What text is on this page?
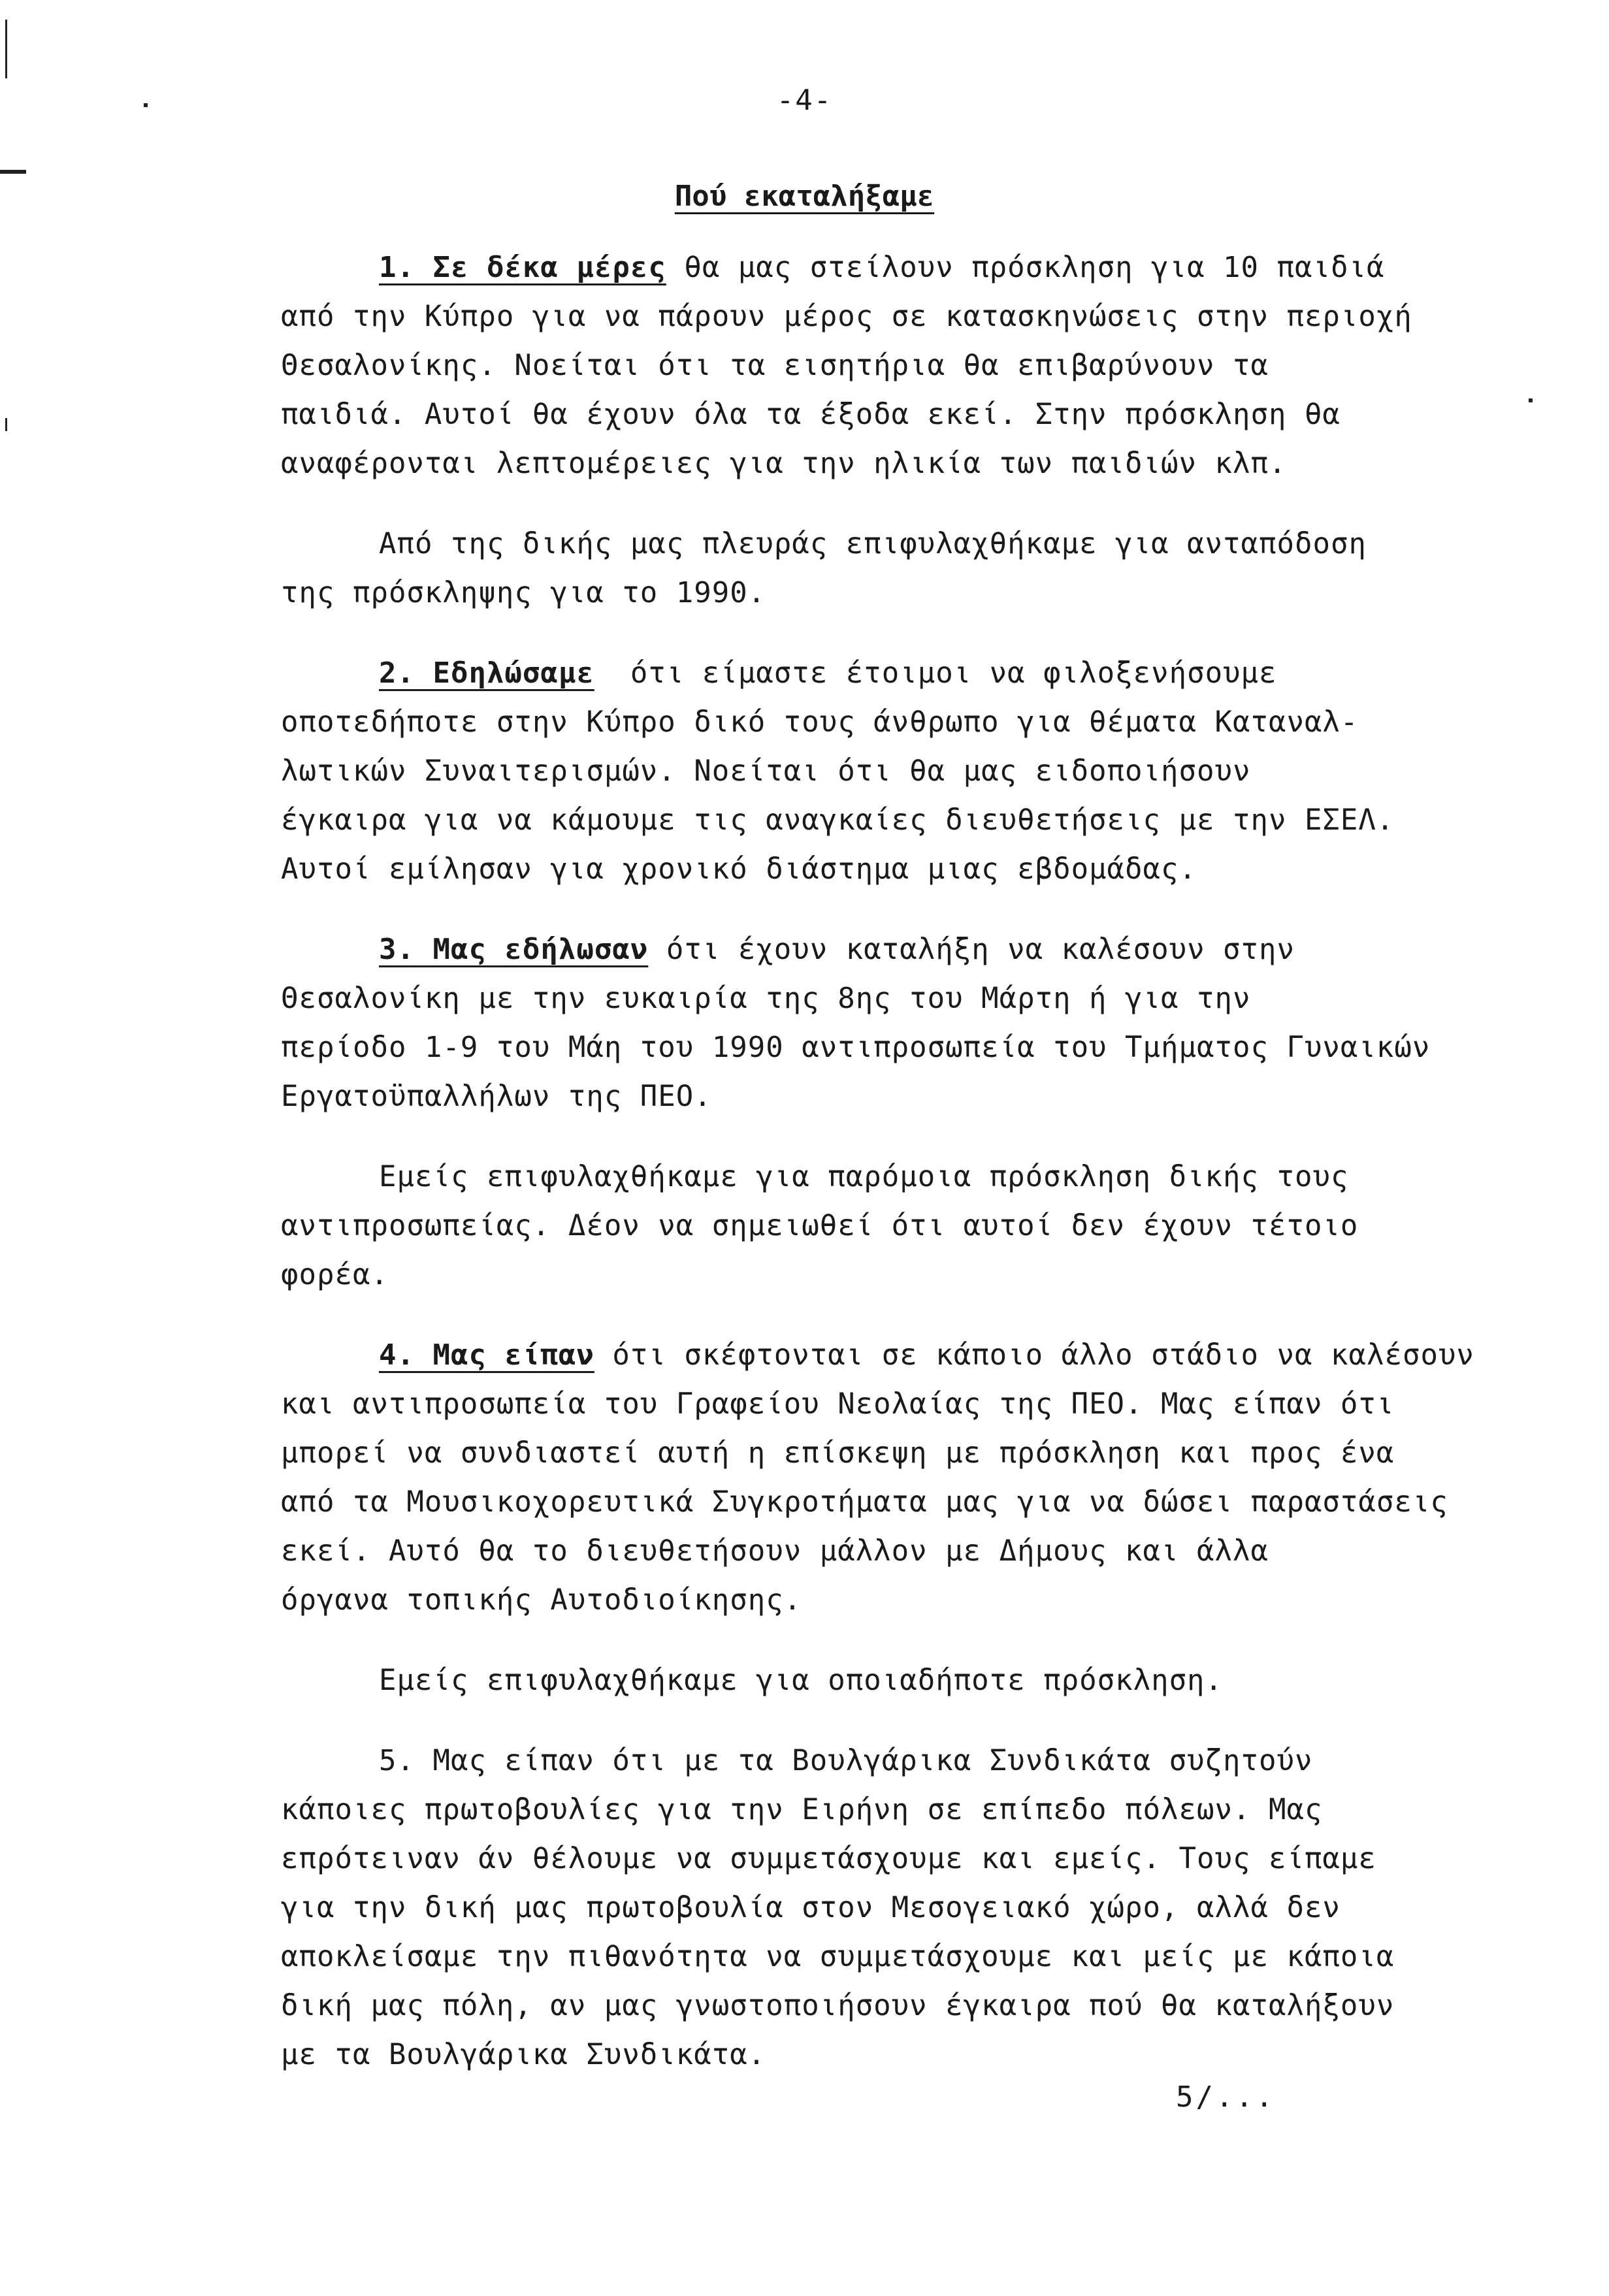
-4-
Πού εκαταλήξαμε

1. Σε δέκα μέρες θα μας στείλουν πρόσκληση για 10 παιδιά
από την Κύπρο για να πάρουν μέρος σε κατασκηνώσεις στην περιοχή
Θεσαλονίκης. Νοείται ότι τα εισητήρια θα επιβαρύνουν τα
παιδιά. Αυτοί θα έχουν όλα τα έξοδα εκεί. Στην πρόσκληση θα
αναφέρονται λεπτομέρειες για την ηλικία των παιδιών κλπ.

Από της δικής μας πλευράς επιφυλαχθήκαμε για ανταπόδοση
της πρόσκληψης για το 1990.

2. Εδηλώσαμε ότι είμαστε έτοιμοι να φιλοξενήσουμε
οποτεδήποτε στην Κύπρο δικό τους άνθρωπο για θέματα Καταναλ-
λωτικών Συναιτερισμών. Νοείται ότι θα μας ειδοποιήσουν
έγκαιρα για να κάμουμε τις αναγκαίες διευθετήσεις με την ΕΣΕΛ.
Αυτοί εμίλησαν για χρονικό διάστημα μιας εβδομάδας.

3. Μας εδήλωσαν ότι έχουν καταλήξη να καλέσουν στην
Θεσαλονίκη με την ευκαιρία της 8ης του Μάρτη ή για την
περίοδο 1-9 του Μάη του 1990 αντιπροσωπεία του Τμήματος Γυναικών
Εργατοϋπαλλήλων της ΠΕΟ.

Εμείς επιφυλαχθήκαμε για παρόμοια πρόσκληση δικής τους
αντιπροσωπείας. Δέον να σημειωθεί ότι αυτοί δεν έχουν τέτοιο
φορέα.

4. Μας είπαν ότι σκέφτονται σε κάποιο άλλο στάδιο να καλέσουν
και αντιπροσωπεία του Γραφείου Νεολαίας της ΠΕΟ. Μας είπαν ότι
μπορεί να συνδιαστεί αυτή η επίσκεψη με πρόσκληση και προς ένα
από τα Μουσικοχορευτικά Συγκροτήματα μας για να δώσει παραστάσεις
εκεί. Αυτό θα το διευθετήσουν μάλλον με Δήμους και άλλα
όργανα τοπικής Αυτοδιοίκησης.

Εμείς επιφυλαχθήκαμε για οποιαδήποτε πρόσκληση.

5. Μας είπαν ότι με τα Βουλγάρικα Συνδικάτα συζητούν
κάποιες πρωτοβουλίες για την Ειρήνη σε επίπεδο πόλεων. Μας
επρότειναν άν θέλουμε να συμμετάσχουμε και εμείς. Τους είπαμε
για την δική μας πρωτοβουλία στον Μεσογειακό χώρο, αλλά δεν
αποκλείσαμε την πιθανότητα να συμμετάσχουμε και μείς με κάποια
δική μας πόλη, αν μας γνωστοποιήσουν έγκαιρα πού θα καταλήξουν
με τα Βουλγάρικα Συνδικάτα.

5/...
